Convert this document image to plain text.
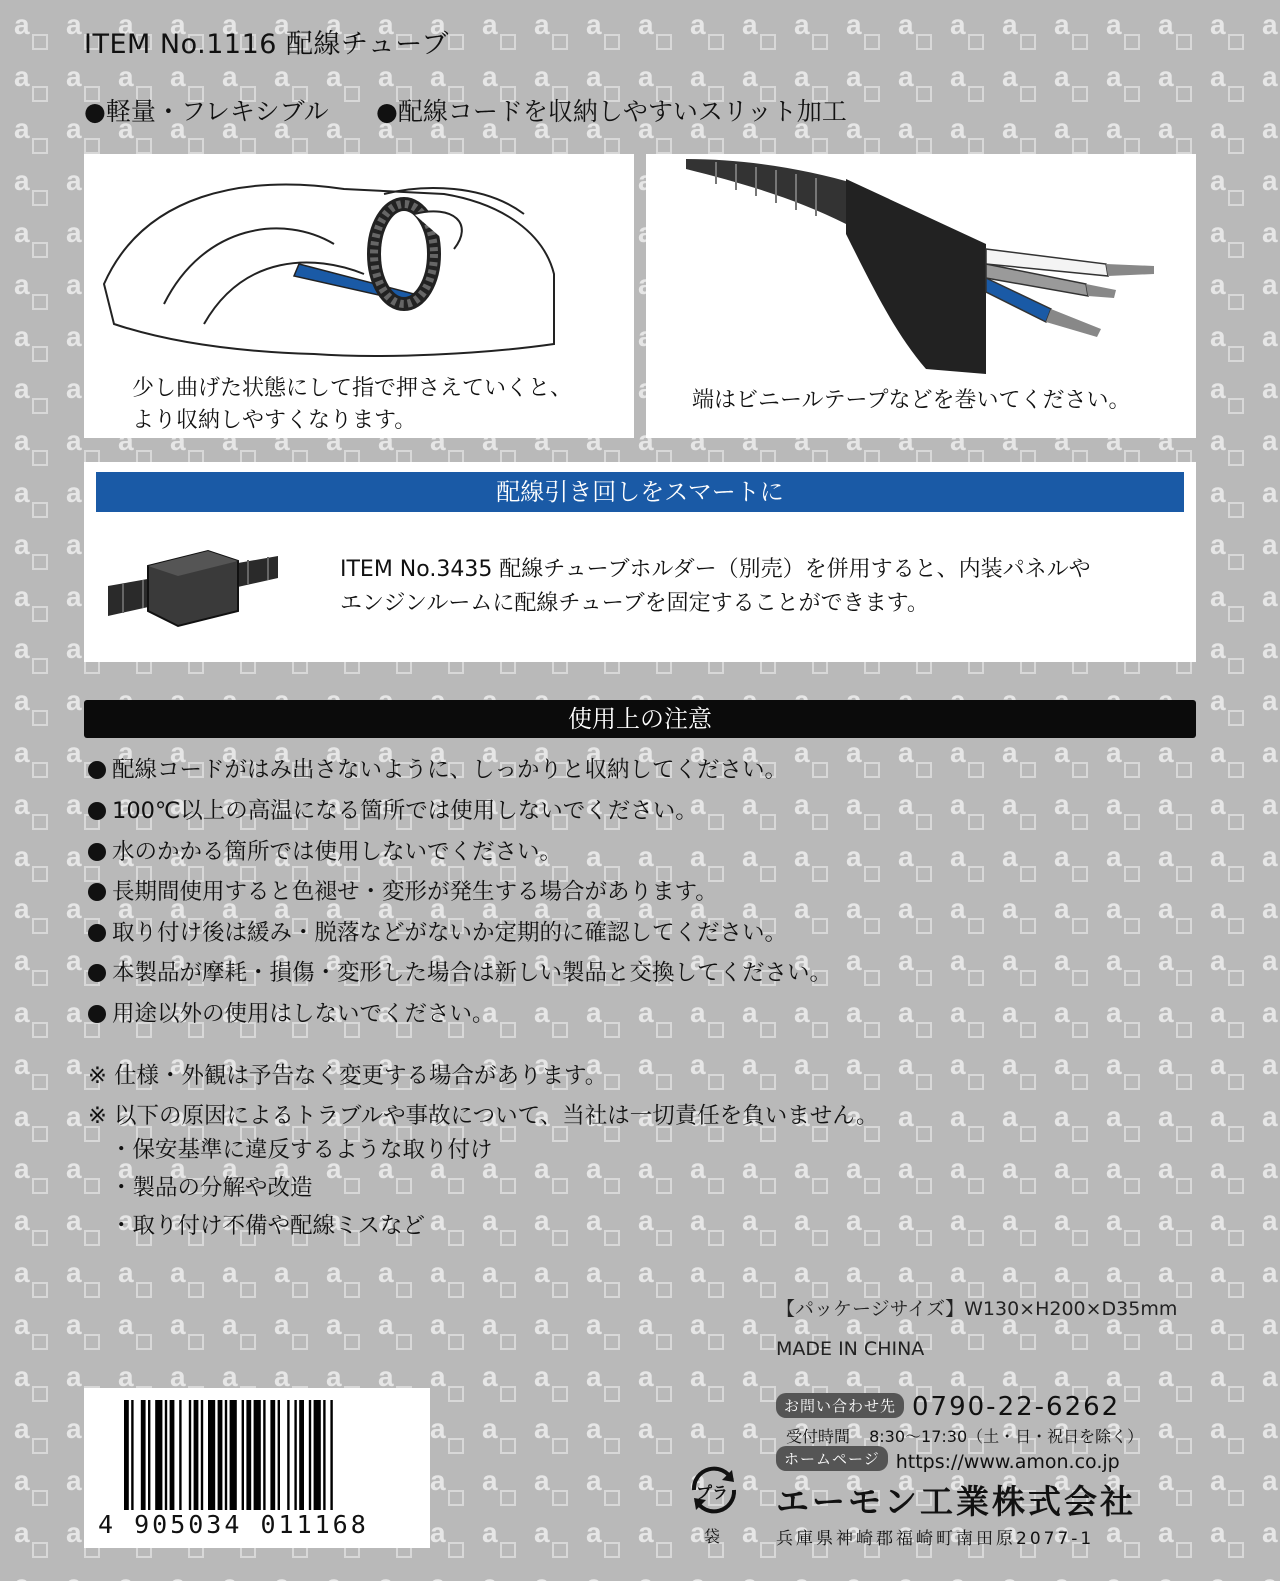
ITEM No.1116 配線チューブ
●軽量・フレキシブル ●配線コードを収納しやすいスリット加工
少し曲げた状態にして指で押さえていくと、
より収納しやすくなります。
端はビニールテープなどを巻いてください。
配線引き回しをスマートに
ITEM No.3435 配線チューブホルダー（別売）を併用すると、内装パネルや
エンジンルームに配線チューブを固定することができます。
使用上の注意
配線コードがはみ出さないように、しっかりと収納してください。
100℃以上の高温になる箇所では使用しないでください。
水のかかる箇所では使用しないでください。
長期間使用すると色褪せ・変形が発生する場合があります。
取り付け後は緩み・脱落などがないか定期的に確認してください。
本製品が摩耗・損傷・変形した場合は新しい製品と交換してください。
用途以外の使用はしないでください。
※ 仕様・外観は予告なく変更する場合があります。
※ 以下の原因によるトラブルや事故について、当社は一切責任を負いません。
・保安基準に違反するような取り付け
・製品の分解や改造
・取り付け不備や配線ミスなど
【パッケージサイズ】W130×H200×D35mm
MADE IN CHINA
4 905034 011168
お問い合わせ先 0790-22-6262
受付時間 8:30〜17:30（土・日・祝日を除く）
ホームページ https://www.amon.co.jp
プラ
袋
エーモン工業株式会社
兵庫県神崎郡福崎町南田原2077-1
